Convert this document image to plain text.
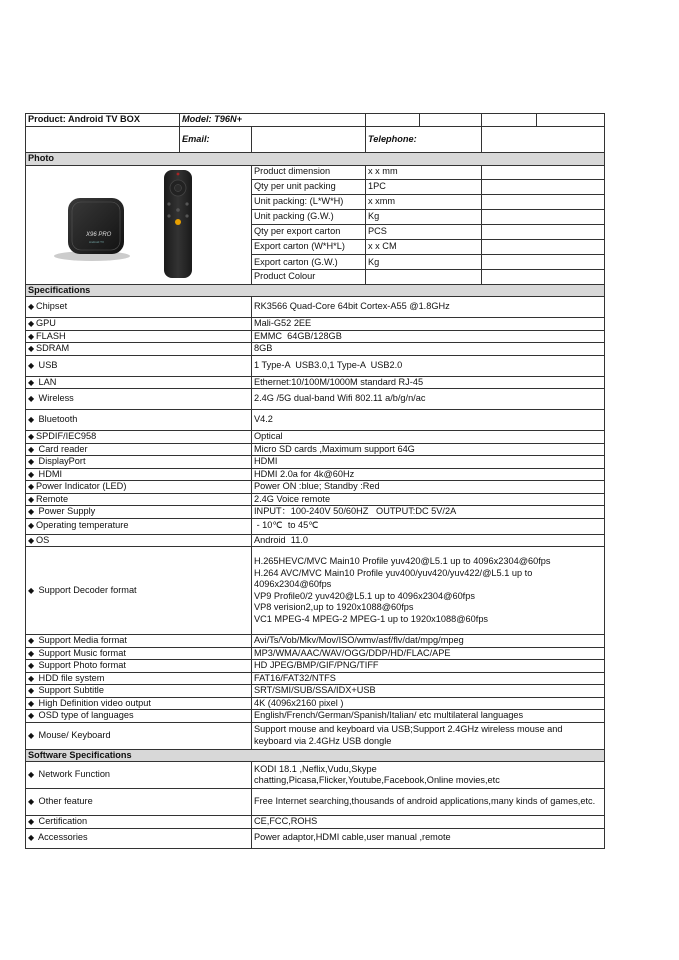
Product: Android TV BOX	Model: T96N+					
	Email:		Telephone:			
Photo						

X96 PRO
Android TV		Product dimension	x x mm			
		Qty per unit packing	1PC			
		Unit packing: (L*W*H)	x xmm			
		Unit packing (G.W.)	Kg			
		Qty per export carton	PCS			
		Export carton (W*H*L)	x x CM			
		Export carton (G.W.)	Kg			
		Product Colour				
Specifications						
◆ Chipset		RK3566 Quad-Core 64bit Cortex-A55 @1.8GHz				
◆ GPU		Mali-G52 2EE				
◆ FLASH		EMMC  64GB/128GB				
◆ SDRAM		8GB				
◆ USB		1 Type-A  USB3.0,1 Type-A  USB2.0				
◆ LAN		Ethernet:10/100M/1000M standard RJ-45				
◆ Wireless		2.4G /5G dual-band Wifi 802.11 a/b/g/n/ac				
◆ Bluetooth		V4.2				
◆ SPDIF/IEC958		Optical				
◆ Card reader		Micro SD cards ,Maximum support 64G				
◆ DisplayPort		HDMI				
◆ HDMI		HDMI 2.0a for 4k@60Hz				
◆ Power Indicator (LED)		Power ON :blue; Standby :Red				
◆ Remote		2.4G Voice remote				
◆ Power Supply		INPUT：100-240V 50/60HZ   OUTPUT:DC 5V/2A				
◆ Operating temperature		- 10℃  to 45℃				
◆ OS		Android  11.0				
◆ Support Decoder format		H.265HEVC/MVC Main10 Profile yuv420@L5.1 up to 4096x2304@60fps
H.264 AVC/MVC Main10 Profile yuv400/yuv420/yuv422/@L5.1 up to 4096x2304@60fps
VP9 Profile0/2 yuv420@L5.1 up to 4096x2304@60fps
VP8 verision2,up to 1920x1088@60fps
VC1 MPEG-4 MPEG-2 MPEG-1 up to 1920x1088@60fps				
◆ Support Media format		Avi/Ts/Vob/Mkv/Mov/ISO/wmv/asf/flv/dat/mpg/mpeg				
◆ Support Music format		MP3/WMA/AAC/WAV/OGG/DDP/HD/FLAC/APE				
◆ Support Photo format		HD JPEG/BMP/GIF/PNG/TIFF				
◆ HDD file system		FAT16/FAT32/NTFS				
◆ Support Subtitle		SRT/SMI/SUB/SSA/IDX+USB				
◆ High Definition video output		4K (4096x2160 pixel )				
◆ OSD type of languages		English/French/German/Spanish/Italian/ etc multilateral languages				
◆ Mouse/ Keyboard		Support mouse and keyboard via USB;Support 2.4GHz wireless mouse and keyboard via 2.4GHz USB dongle				
Software Specifications						
◆ Network Function		KODI 18.1 ,Neflix,Vudu,Skype
chatting,Picasa,Flicker,Youtube,Facebook,Online movies,etc				
◆ Other feature		Free Internet searching,thousands of android applications,many kinds of games,etc.				
◆ Certification		CE,FCC,ROHS				
◆ Accessories		Power adaptor,HDMI cable,user manual ,remote				
